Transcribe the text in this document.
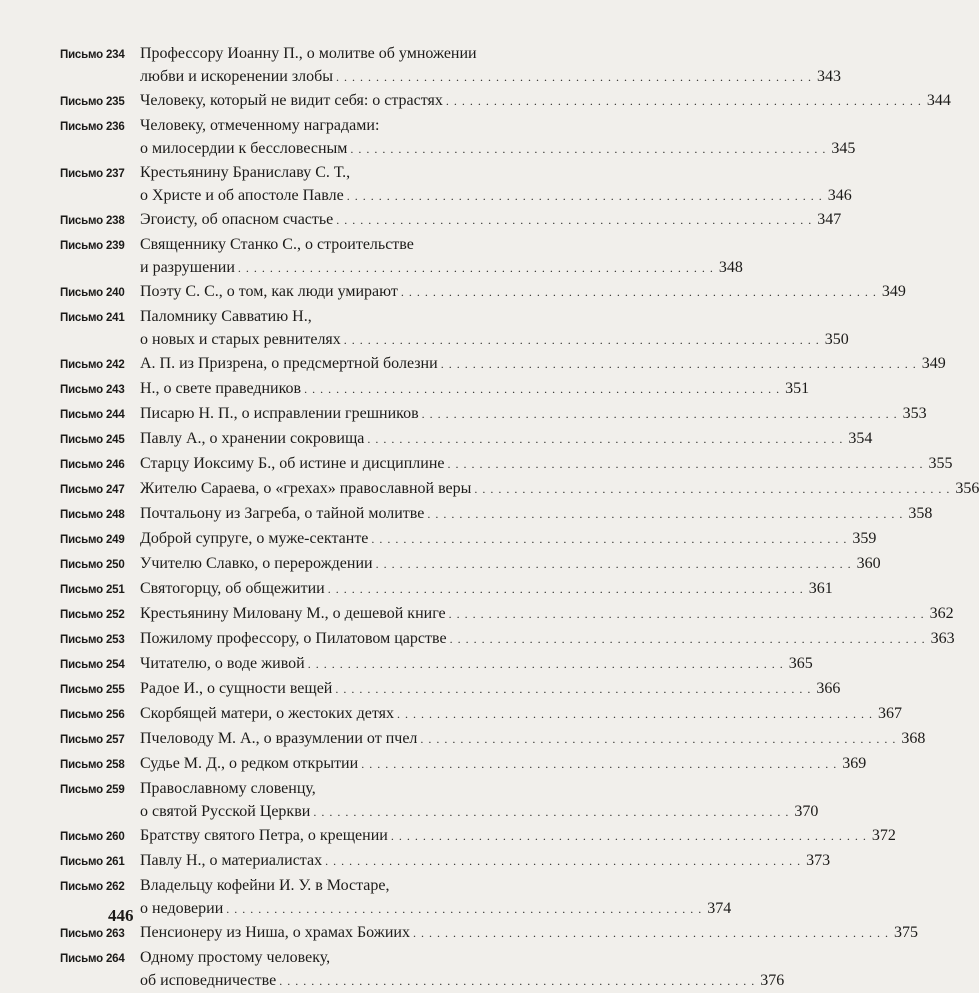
Письмо 234 Профессору Иоанну П., о молитве об умножении
любви и искоренении злобы . . . . . . . . . . . . . . . . . . . . . . . . . . . . . . . . . . . . . . . . . . . . . . . . . . . . . . . . . . . . 343
Письмо 235 Человеку, который не видит себя: о страстях . . . . . . . . . . . . . . . . . . . . . . . . . . . . . . . . . . . . . . . . . . . . . . . . . . . . . . . . . . . . 344
Письмо 236 Человеку, отмеченному наградами:
о милосердии к бессловесным . . . . . . . . . . . . . . . . . . . . . . . . . . . . . . . . . . . . . . . . . . . . . . . . . . . . . . . . . . . . 345
Письмо 237 Крестьянину Браниславу С. Т.,
о Христе и об апостоле Павле . . . . . . . . . . . . . . . . . . . . . . . . . . . . . . . . . . . . . . . . . . . . . . . . . . . . . . . . . . . . 346
Письмо 238 Эгоисту, об опасном счастье . . . . . . . . . . . . . . . . . . . . . . . . . . . . . . . . . . . . . . . . . . . . . . . . . . . . . . . . . . . . 347
Письмо 239 Священнику Станко С., о строительстве
и разрушении . . . . . . . . . . . . . . . . . . . . . . . . . . . . . . . . . . . . . . . . . . . . . . . . . . . . . . . . . . . . 348
Письмо 240 Поэту С. С., о том, как люди умирают . . . . . . . . . . . . . . . . . . . . . . . . . . . . . . . . . . . . . . . . . . . . . . . . . . . . . . . . . . . . 349
Письмо 241 Паломнику Савватию Н.,
о новых и старых ревнителях . . . . . . . . . . . . . . . . . . . . . . . . . . . . . . . . . . . . . . . . . . . . . . . . . . . . . . . . . . . . 350
Письмо 242 А. П. из Призрена, о предсмертной болезни . . . . . . . . . . . . . . . . . . . . . . . . . . . . . . . . . . . . . . . . . . . . . . . . . . . . . . . . . . . . 349
Письмо 243 Н., о свете праведников . . . . . . . . . . . . . . . . . . . . . . . . . . . . . . . . . . . . . . . . . . . . . . . . . . . . . . . . . . . . 351
Письмо 244 Писарю Н. П., о исправлении грешников . . . . . . . . . . . . . . . . . . . . . . . . . . . . . . . . . . . . . . . . . . . . . . . . . . . . . . . . . . . . 353
Письмо 245 Павлу А., о хранении сокровища . . . . . . . . . . . . . . . . . . . . . . . . . . . . . . . . . . . . . . . . . . . . . . . . . . . . . . . . . . . . 354
Письмо 246 Старцу Иоксиму Б., об истине и дисциплине . . . . . . . . . . . . . . . . . . . . . . . . . . . . . . . . . . . . . . . . . . . . . . . . . . . . . . . . . . . . 355
Письмо 247 Жителю Сараева, о «грехах» православной веры . . . . . . . . . . . . . . . . . . . . . . . . . . . . . . . . . . . . . . . . . . . . . . . . . . . . . . . . . . . . 356
Письмо 248 Почтальону из Загреба, о тайной молитве . . . . . . . . . . . . . . . . . . . . . . . . . . . . . . . . . . . . . . . . . . . . . . . . . . . . . . . . . . . . 358
Письмо 249 Доброй супруге, о муже-сектанте . . . . . . . . . . . . . . . . . . . . . . . . . . . . . . . . . . . . . . . . . . . . . . . . . . . . . . . . . . . . 359
Письмо 250 Учителю Славко, о перерождении . . . . . . . . . . . . . . . . . . . . . . . . . . . . . . . . . . . . . . . . . . . . . . . . . . . . . . . . . . . . 360
Письмо 251 Святогорцу, об общежитии . . . . . . . . . . . . . . . . . . . . . . . . . . . . . . . . . . . . . . . . . . . . . . . . . . . . . . . . . . . . 361
Письмо 252 Крестьянину Миловану М., о дешевой книге . . . . . . . . . . . . . . . . . . . . . . . . . . . . . . . . . . . . . . . . . . . . . . . . . . . . . . . . . . . . 362
Письмо 253 Пожилому профессору, о Пилатовом царстве . . . . . . . . . . . . . . . . . . . . . . . . . . . . . . . . . . . . . . . . . . . . . . . . . . . . . . . . . . . . 363
Письмо 254 Читателю, о воде живой . . . . . . . . . . . . . . . . . . . . . . . . . . . . . . . . . . . . . . . . . . . . . . . . . . . . . . . . . . . . 365
Письмо 255 Радое И., о сущности вещей . . . . . . . . . . . . . . . . . . . . . . . . . . . . . . . . . . . . . . . . . . . . . . . . . . . . . . . . . . . . 366
Письмо 256 Скорбящей матери, о жестоких детях . . . . . . . . . . . . . . . . . . . . . . . . . . . . . . . . . . . . . . . . . . . . . . . . . . . . . . . . . . . . 367
Письмо 257 Пчеловоду М. А., о вразумлении от пчел . . . . . . . . . . . . . . . . . . . . . . . . . . . . . . . . . . . . . . . . . . . . . . . . . . . . . . . . . . . . 368
Письмо 258 Судье М. Д., о редком открытии . . . . . . . . . . . . . . . . . . . . . . . . . . . . . . . . . . . . . . . . . . . . . . . . . . . . . . . . . . . . 369
Письмо 259 Православному словенцу,
о святой Русской Церкви . . . . . . . . . . . . . . . . . . . . . . . . . . . . . . . . . . . . . . . . . . . . . . . . . . . . . . . . . . . . 370
Письмо 260 Братству святого Петра, о крещении . . . . . . . . . . . . . . . . . . . . . . . . . . . . . . . . . . . . . . . . . . . . . . . . . . . . . . . . . . . . 372
Письмо 261 Павлу Н., о материалистах . . . . . . . . . . . . . . . . . . . . . . . . . . . . . . . . . . . . . . . . . . . . . . . . . . . . . . . . . . . . 373
Письмо 262 Владельцу кофейни И. У. в Мостаре,
о недоверии . . . . . . . . . . . . . . . . . . . . . . . . . . . . . . . . . . . . . . . . . . . . . . . . . . . . . . . . . . . . 374
Письмо 263 Пенсионеру из Ниша, о храмах Божиих . . . . . . . . . . . . . . . . . . . . . . . . . . . . . . . . . . . . . . . . . . . . . . . . . . . . . . . . . . . . 375
Письмо 264 Одному простому человеку,
об исповедничестве . . . . . . . . . . . . . . . . . . . . . . . . . . . . . . . . . . . . . . . . . . . . . . . . . . . . . . . . . . . . 376
446
